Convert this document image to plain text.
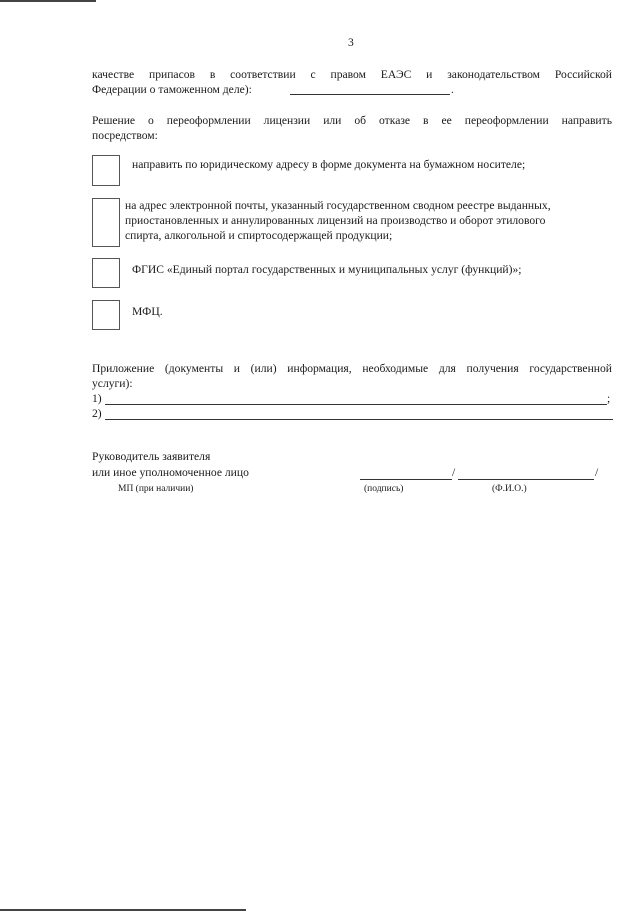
3
качестве припасов в соответствии с правом ЕАЭС и законодательством Российской
Федерации о таможенном деле):	.
Решение о переоформлении лицензии или об отказе в ее переоформлении направить
посредством:
направить по юридическому адресу в форме документа на бумажном носителе;
на адрес электронной почты, указанный государственном сводном реестре выданных,
приостановленных и аннулированных лицензий на производство и оборот этилового
спирта, алкогольной и спиртосодержащей продукции;
ФГИС «Единый портал государственных и муниципальных услуг (функций)»;
МФЦ.
Приложение (документы и (или) информация, необходимые для получения государственной
услуги):
1)	;
2)
Руководитель заявителя
или иное уполномоченное лицо	/	/
МП (при наличии)	(подпись)	(Ф.И.О.)
